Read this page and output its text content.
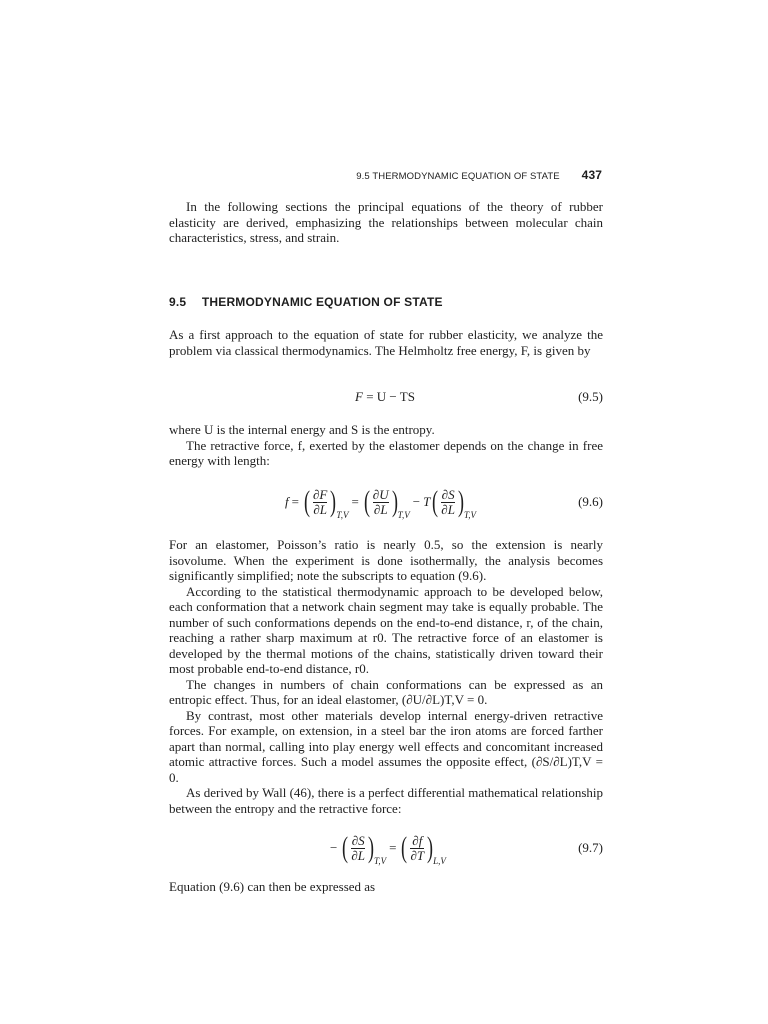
9.5 THERMODYNAMIC EQUATION OF STATE 437

In the following sections the principal equations of the theory of rubber elasticity are derived, emphasizing the relationships between molecular chain characteristics, stress, and strain.

9.5 THERMODYNAMIC EQUATION OF STATE

As a first approach to the equation of state for rubber elasticity, we analyze the problem via classical thermodynamics. The Helmholtz free energy, F, is given by

F
= U − TS	(9.5)

where U is the internal energy and S is the entropy.

The retractive force, f, exerted by the elastomer depends on the change in free energy with length:

f = ( $\frac{\partial F}{\partial L}$ ) T,V
= ( $\frac{\partial U}{\partial L}$ ) T,V
− T ( $\frac{\partial S}{\partial L}$ ) T,V
(9.6)

For an elastomer, Poisson’s ratio is nearly 0.5, so the extension is nearly isovolume. When the experiment is done isothermally, the analysis becomes significantly simplified; note the subscripts to equation (9.6).

According to the statistical thermodynamic approach to be developed below, each conformation that a network chain segment may take is equally probable. The number of such conformations depends on the end-to-end distance, r, of the chain, reaching a rather sharp maximum at r0. The retractive force of an elastomer is developed by the thermal motions of the chains, statistically driven toward their most probable end-to-end distance, r0.

The changes in numbers of chain conformations can be expressed as an entropic effect. Thus, for an ideal elastomer, (∂U/∂L)T,V = 0.

By contrast, most other materials develop internal energy-driven retractive forces. For example, on extension, in a steel bar the iron atoms are forced farther apart than normal, calling into play energy well effects and concomitant increased atomic attractive forces. Such a model assumes the opposite effect, (∂S/∂L)T,V = 0.

As derived by Wall (46), there is a perfect differential mathematical relationship between the entropy and the retractive force:

− ( $\frac{\partial S}{\partial L}$ ) T,V
= ( $\frac{\partial f}{\partial T}$ ) L,V
(9.7)

Equation (9.6) can then be expressed as
